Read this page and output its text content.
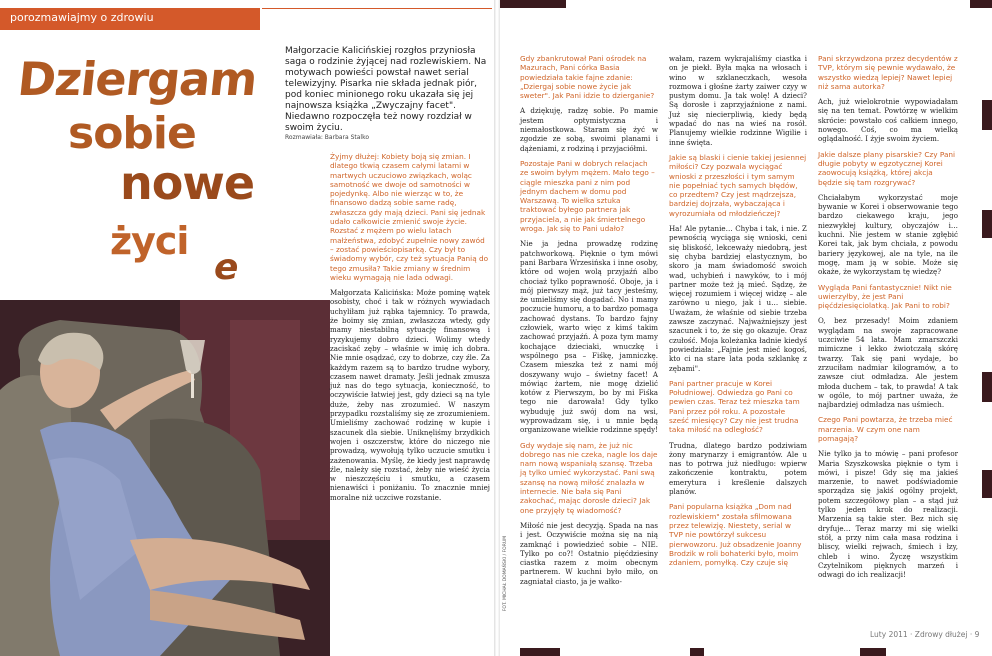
porozmawiajmy o zdrowiu
Dziergam
sobie
nowe
życi
e
Małgorzacie Kalicińskiej rozgłos przyniosła saga o rodzinie żyjącej nad rozlewiskiem. Na motywach powieści powstał nawet serial telewizyjny. Pisarka nie składa jednak piór, pod koniec minionego roku ukazała się jej najnowsza książka „Zwyczajny facet". Niedawno rozpoczęła też nowy rozdział w swoim życiu.
Rozmawiała: Barbara Stalko

Żyjmy dłużej: Kobiety boją się zmian. I dlatego tkwią czasem całymi latami w martwych uczuciowo związkach, woląc samotność we dwoje od samotności w pojedynkę. Albo nie wierząc w to, że finansowo dadzą sobie same radę, zwłaszcza gdy mają dzieci. Pani się jednak udało całkowicie zmienić swoje życie. Rozstać z mężem po wielu latach małżeństwa, zdobyć zupełnie nowy zawód – zostać powieściopisarką. Czy był to świadomy wybór, czy też sytuacja Panią do tego zmusiła? Takie zmiany w średnim wieku wymagają nie lada odwagi.

Małgorzata Kalicińska: Może pominę wątek osobisty, choć i tak w różnych wywiadach uchyliłam już rąbka tajemnicy. To prawda, że boimy się zmian, zwłaszcza wtedy, gdy mamy niestabilną sytuację finansową i ryzykujemy dobro dzieci. Wolimy wtedy zaciskać zęby – właśnie w imię ich dobra. Nie mnie osądzać, czy to dobrze, czy źle. Za każdym razem są to bardzo trudne wybory, czasem nawet dramaty. Jeśli jednak zmusza już nas do tego sytuacja, konieczność, to oczywiście łatwiej jest, gdy dzieci są na tyle duże, żeby nas zrozumieć. W naszym przypadku rozstaliśmy się ze zrozumieniem. Umieliśmy zachować rodzinę w kupie i szacunek dla siebie. Uniknęliśmy brzydkich wojen i oszczerstw, które do niczego nie prowadzą, wywołują tylko uczucie smutku i zażenowania. Myślę, że kiedy jest naprawdę źle, należy się rozstać, żeby nie wieść życia w nieszczęściu i smutku, a czasem nienawiści i poniżaniu. To znacznie mniej moralne niż uczciwe rozstanie.

Gdy zbankrutował Pani ośrodek na Mazurach, Pani córka Basia powiedziała takie fajne zdanie: „Dziergaj sobie nowe życie jak sweter". Jak Pani idzie to dzierganie?

A dziękuję, radzę sobie. Po mamie jestem optymistyczna i niemałostkowa. Staram się żyć w zgodzie ze sobą, swoimi planami i dążeniami, z rodziną i przyjaciółmi.

Pozostaje Pani w dobrych relacjach ze swoim byłym mężem. Mało tego – ciągle mieszka pani z nim pod jednym dachem w domu pod Warszawą. To wielka sztuka traktować byłego partnera jak przyjaciela, a nie jak śmiertelnego wroga. Jak się to Pani udało?

Nie ja jedna prowadzę rodzinę patchworkową. Pięknie o tym mówi pani Barbara Wrzesińska i inne osoby, które od wojen wolą przyjaźń albo chociaż tylko poprawność. Oboje, ja i mój pierwszy mąż, już tacy jesteśmy, że umieliśmy się dogadać. No i mamy poczucie humoru, a to bardzo pomaga zachować dystans. To bardzo fajny człowiek, warto więc z kimś takim zachować przyjaźń. A poza tym mamy kochające dzieciaki, wnuczkę i wspólnego psa – Fiśkę, jamniczkę. Czasem mieszka też z nami mój doszywany wujo – świetny facet! A mówiąc żartem, nie mogę dzielić kotów z Pierwszym, bo by mi Fiśka tego nie darowała! Gdy tylko wybuduję już swój dom na wsi, wyprowadzam się, i u mnie będą organizowane wielkie rodzinne spędy!

Gdy wydaje się nam, że już nic dobrego nas nie czeka, nagle los daje nam nową wspaniałą szansę. Trzeba ją tylko umieć wykorzystać. Pani swą szansę na nową miłość znalazła w internecie. Nie bała się Pani zakochać, mając dorosłe dzieci? Jak one przyjęły tę wiadomość?

Miłość nie jest decyzją. Spada na nas i jest. Oczywiście można się na nią zamknąć i powiedzieć sobie – NIE. Tylko po co?! Ostatnio pięćdziesiny ciastka razem z moim obecnym partnerem. W kuchni było miło, on zagniatał ciasto, ja je wałko-

wałam, razem wykrajaliśmy ciastka i on je piekł. Była mąka na włosach i wino w szklaneczkach, wesoła rozmowa i głośne żarty zaiwer czyy w pustym domu. Ja tak wolę! A dzieci? Są dorosłe i zaprzyjaźnione z nami. Już się niecierpliwią, kiedy będą wpadać do nas na wieś na rosół. Planujemy wielkie rodzinne Wigilie i inne święta.

Jakie są blaski i cienie takiej jesiennej miłości? Czy pozwala wyciągać wnioski z przeszłości i tym samym nie popełniać tych samych błędów, co przedtem? Czy jest mądrzejsza, bardziej dojrzała, wybaczająca i wyrozumiała od młodzieńczej?

Ha! Ale pytanie… Chyba i tak, i nie. Z pewnością wyciąga się wnioski, ceni się bliskość, lekceważy niedobrą, jest się chyba bardziej elastycznym, bo skoro ja mam świadomość swoich wad, uchybień i nawyków, to i mój partner może też ją mieć. Sądzę, że więcej rozumiem i więcej widzę – ale zarówno u niego, jak i u… siebie. Uważam, że właśnie od siebie trzeba zawsze zaczynać. Najważniejszy jest szacunek i to, że się go okazuje. Oraz czułość. Moja koleżanka ładnie kiedyś powiedziała: „Fajnie jest mieć kogoś, kto ci na stare lata poda szklankę z zębami".

Pani partner pracuje w Korei Południowej. Odwiedza go Pani co pewien czas. Teraz też mieszka tam Pani przez pół roku. A pozostałe sześć miesięcy? Czy nie jest trudna taka miłość na odległość?

Trudna, dlatego bardzo podziwiam żony marynarzy i emigrantów. Ale u nas to potrwa już niedługo: wpierw zakończenie kontraktu, potem emerytura i kreślenie dalszych planów.

Pani popularna książka „Dom nad rozlewiskiem" została sfilmowana przez telewizję. Niestety, serial w TVP nie powtórzył sukcesu pierwowzoru. Już obsadzenie Joanny Brodzik w roli bohaterki było, moim zdaniem, pomyłką. Czy czuje się

Pani skrzywdzona przez decydentów z TVP, którym się pewnie wydawało, że wszystko wiedzą lepiej? Nawet lepiej niż sama autorka?

Ach, już wielokrotnie wypowiadałam się na ten temat. Powtórzę w wielkim skrócie: powstało coś całkiem innego, nowego. Coś, co ma wielką oglądalność. I żyje swoim życiem.

Jakie dalsze plany pisarskie? Czy Pani długie pobyty w egzotycznej Korei zaowocują książką, której akcja będzie się tam rozgrywać?

Chciałabym wykorzystać moje bywanie w Korei i obserwowanie tego bardzo ciekawego kraju, jego niezwykłej kultury, obyczajów i… kuchni. Nie jestem w stanie zgłębić Korei tak, jak bym chciała, z powodu bariery językowej, ale na tyle, na ile mogę, mam ją w sobie. Może się okaże, że wykorzystam tę wiedzę?

Wygląda Pani fantastycznie! Nikt nie uwierzyłby, że jest Pani pięćdziesięciolatką. Jak Pani to robi?

O, bez przesady! Moim zdaniem wyglądam na swoje zapracowane uczciwie 54 lata. Mam zmarszczki mimiczne i lekko żwiotczałą skórę twarzy. Tak się pani wydaje, bo zrzuciłam nadmiar kilogramów, a to zawsze ciut odmładza. Ale jestem młoda duchem – tak, to prawda! A tak w ogóle, to mój partner uważa, że najbardziej odmładza nas uśmiech.

Czego Pani powtarza, że trzeba mieć marzenia. W czym one nam pomagają?

Nie tylko ja to mówię – pani profesor Maria Szyszkowska pięknie o tym i mówi, i pisze! Gdy się ma jakieś marzenie, to nawet podświadomie sporządza się jakiś ogólny projekt, potem szczegółowy plan – a stąd już tylko jeden krok do realizacji. Marzenia są takie ster. Bez nich się dryfuje… Teraz marzy mi się wielki stół, a przy nim cała masa rodzina i bliscy, wielki rejwach, śmiech i łzy, chleb i wino. Życzę wszystkim Czytelnikom pięknych marzeń i odwagi do ich realizacji!

FOT. MICHAŁ DOMAŃSKI / FORUM
Luty 2011 · Zdrowy dłużej · 9
